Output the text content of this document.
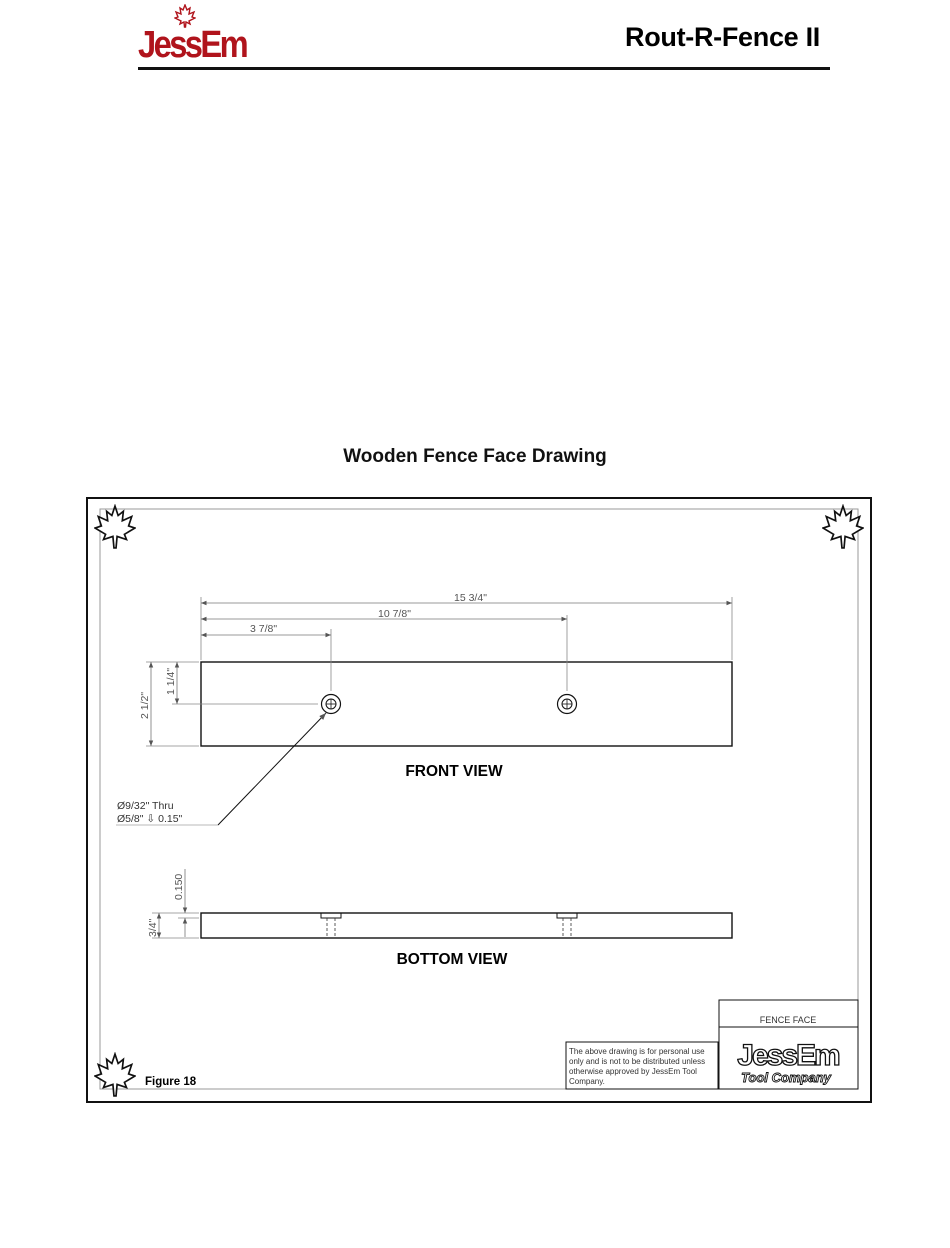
JessEm	Rout-R-Fence II
Wooden Fence Face Drawing
15 3/4"
10 7/8"
3 7/8"
2 1/2"
1 1/4"
Ø9/32" Thru
Ø5/8" ⇩ 0.15"
FRONT VIEW
3/4"
0.150
BOTTOM VIEW
Figure 18
The above drawing is for personal use
only and is not to be distributed unless
otherwise approved by JessEm Tool
Company.
FENCE FACE
JessEm
Tool Company
